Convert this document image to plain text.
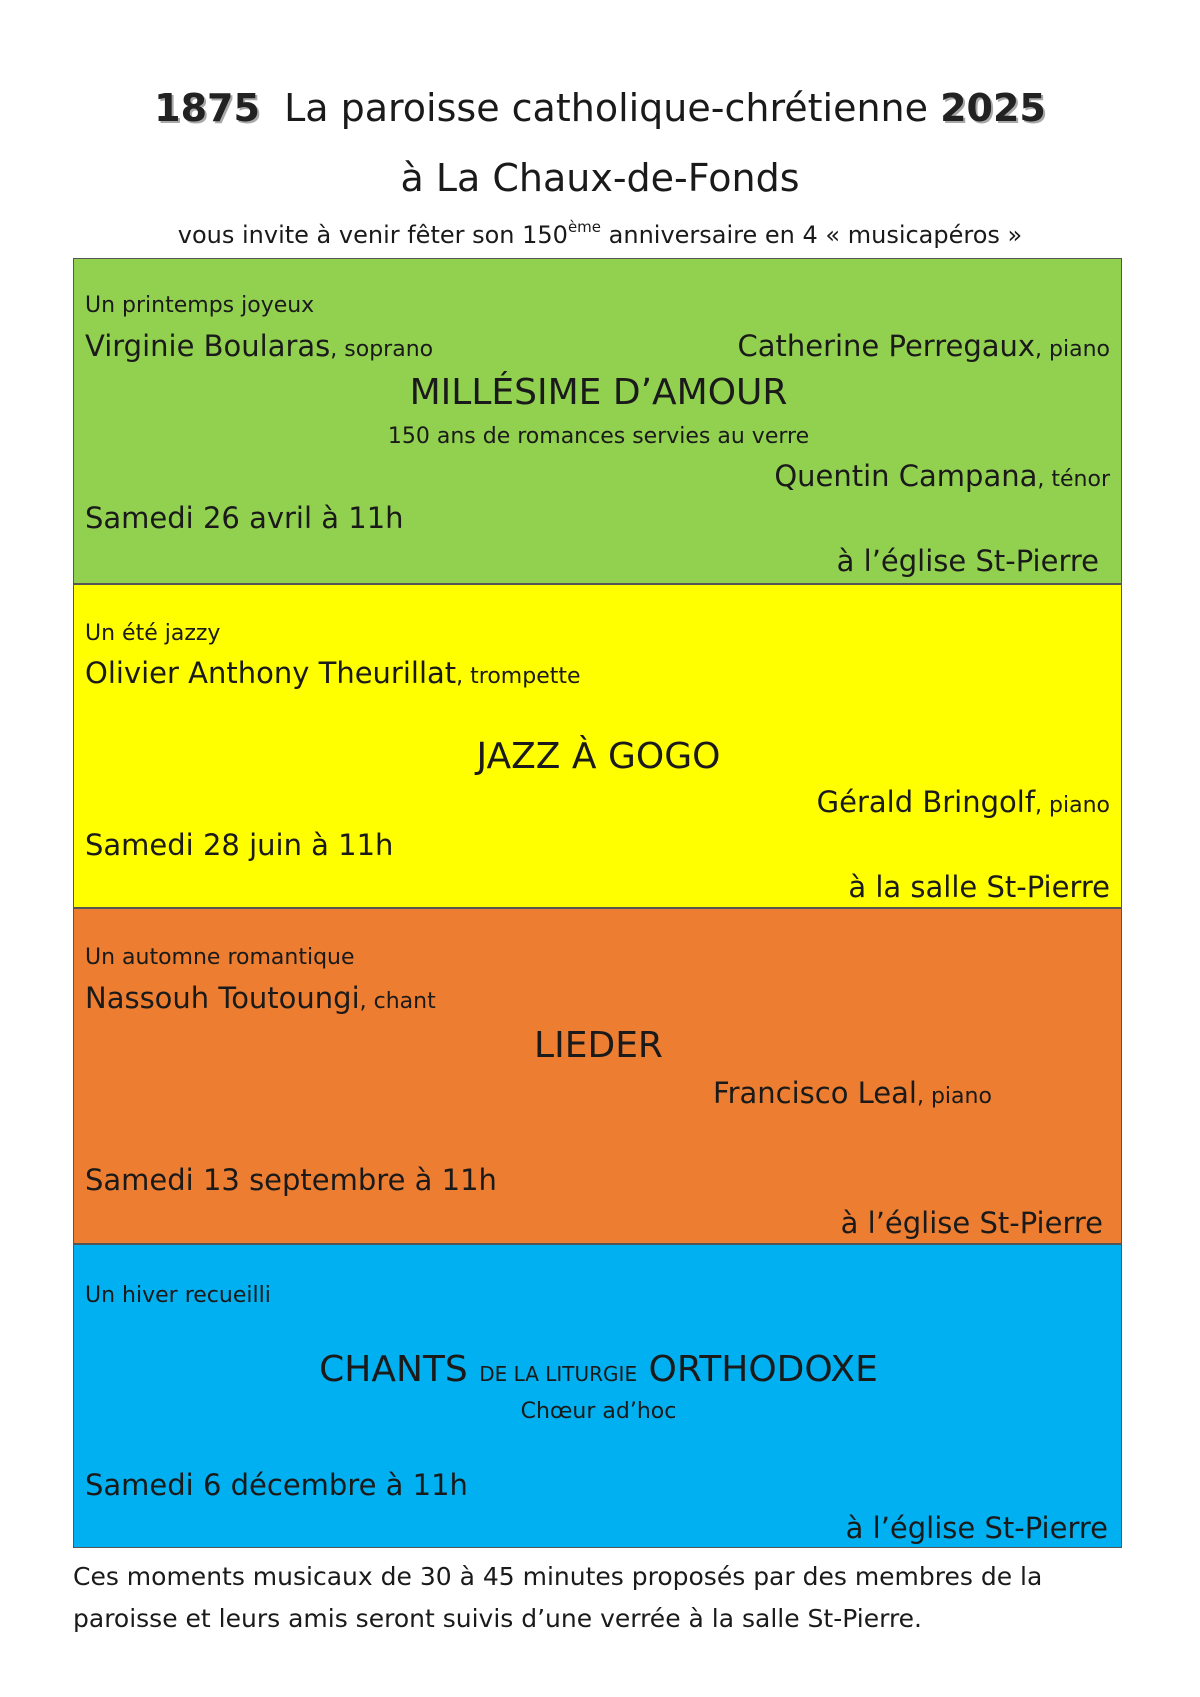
1875 La paroisse catholique-chrétienne 2025
à La Chaux-de-Fonds
vous invite à venir fêter son 150ème anniversaire en 4 « musicapéros »
Un printemps joyeux
Virginie Boularas, soprano	Catherine Perregaux, piano
MILLÉSIME D’AMOUR
150 ans de romances servies au verre
Quentin Campana, ténor
Samedi 26 avril à 11h
à l’église St-Pierre
Un été jazzy
Olivier Anthony Theurillat, trompette
JAZZ À GOGO
Gérald Bringolf, piano
Samedi 28 juin à 11h
à la salle St-Pierre
Un automne romantique
Nassouh Toutoungi, chant
LIEDER
Francisco Leal, piano
Samedi 13 septembre à 11h
à l’église St-Pierre
Un hiver recueilli
CHANTS DE LA LITURGIE ORTHODOXE
Chœur ad’hoc
Samedi 6 décembre à 11h
à l’église St-Pierre
Ces moments musicaux de 30 à 45 minutes proposés par des membres de la paroisse et leurs amis seront suivis d’une verrée à la salle St-Pierre.
